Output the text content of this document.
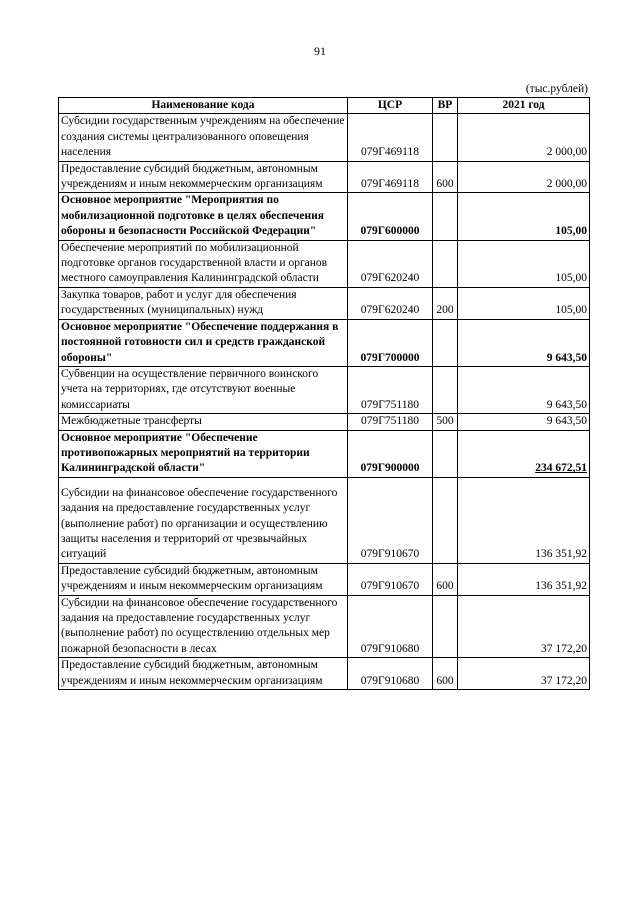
91
(тыс.рублей)
Наименование кода	ЦСР	ВР	2021 год
Субсидии государственным учреждениям на обеспечение создания системы централизованного оповещения населения	079Г469118		2 000,00
Предоставление субсидий бюджетным, автономным учреждениям и иным некоммерческим организациям	079Г469118	600	2 000,00
Основное мероприятие "Мероприятия по мобилизационной подготовке в целях обеспечения обороны и безопасности Российской Федерации"	079Г600000		105,00
Обеспечение мероприятий по мобилизационной подготовке органов государственной власти и органов местного самоуправления Калининградской области	079Г620240		105,00
Закупка товаров, работ и услуг для обеспечения государственных (муниципальных) нужд	079Г620240	200	105,00
Основное мероприятие "Обеспечение поддержания в постоянной готовности сил и средств гражданской обороны"	079Г700000		9 643,50
Субвенции на осуществление первичного воинского учета на территориях, где отсутствуют военные комиссариаты	079Г751180		9 643,50
Межбюджетные трансферты	079Г751180	500	9 643,50
Основное мероприятие "Обеспечение противопожарных мероприятий на территории Калининградской области"	079Г900000		234 672,51
Субсидии на финансовое обеспечение государственного задания на предоставление государственных услуг (выполнение работ) по организации и осуществлению защиты населения и территорий от чрезвычайных ситуаций	079Г910670		136 351,92
Предоставление субсидий бюджетным, автономным учреждениям и иным некоммерческим организациям	079Г910670	600	136 351,92
Субсидии на финансовое обеспечение государственного задания на предоставление государственных услуг (выполнение работ) по осуществлению отдельных мер пожарной безопасности в лесах	079Г910680		37 172,20
Предоставление субсидий бюджетным, автономным учреждениям и иным некоммерческим организациям	079Г910680	600	37 172,20
